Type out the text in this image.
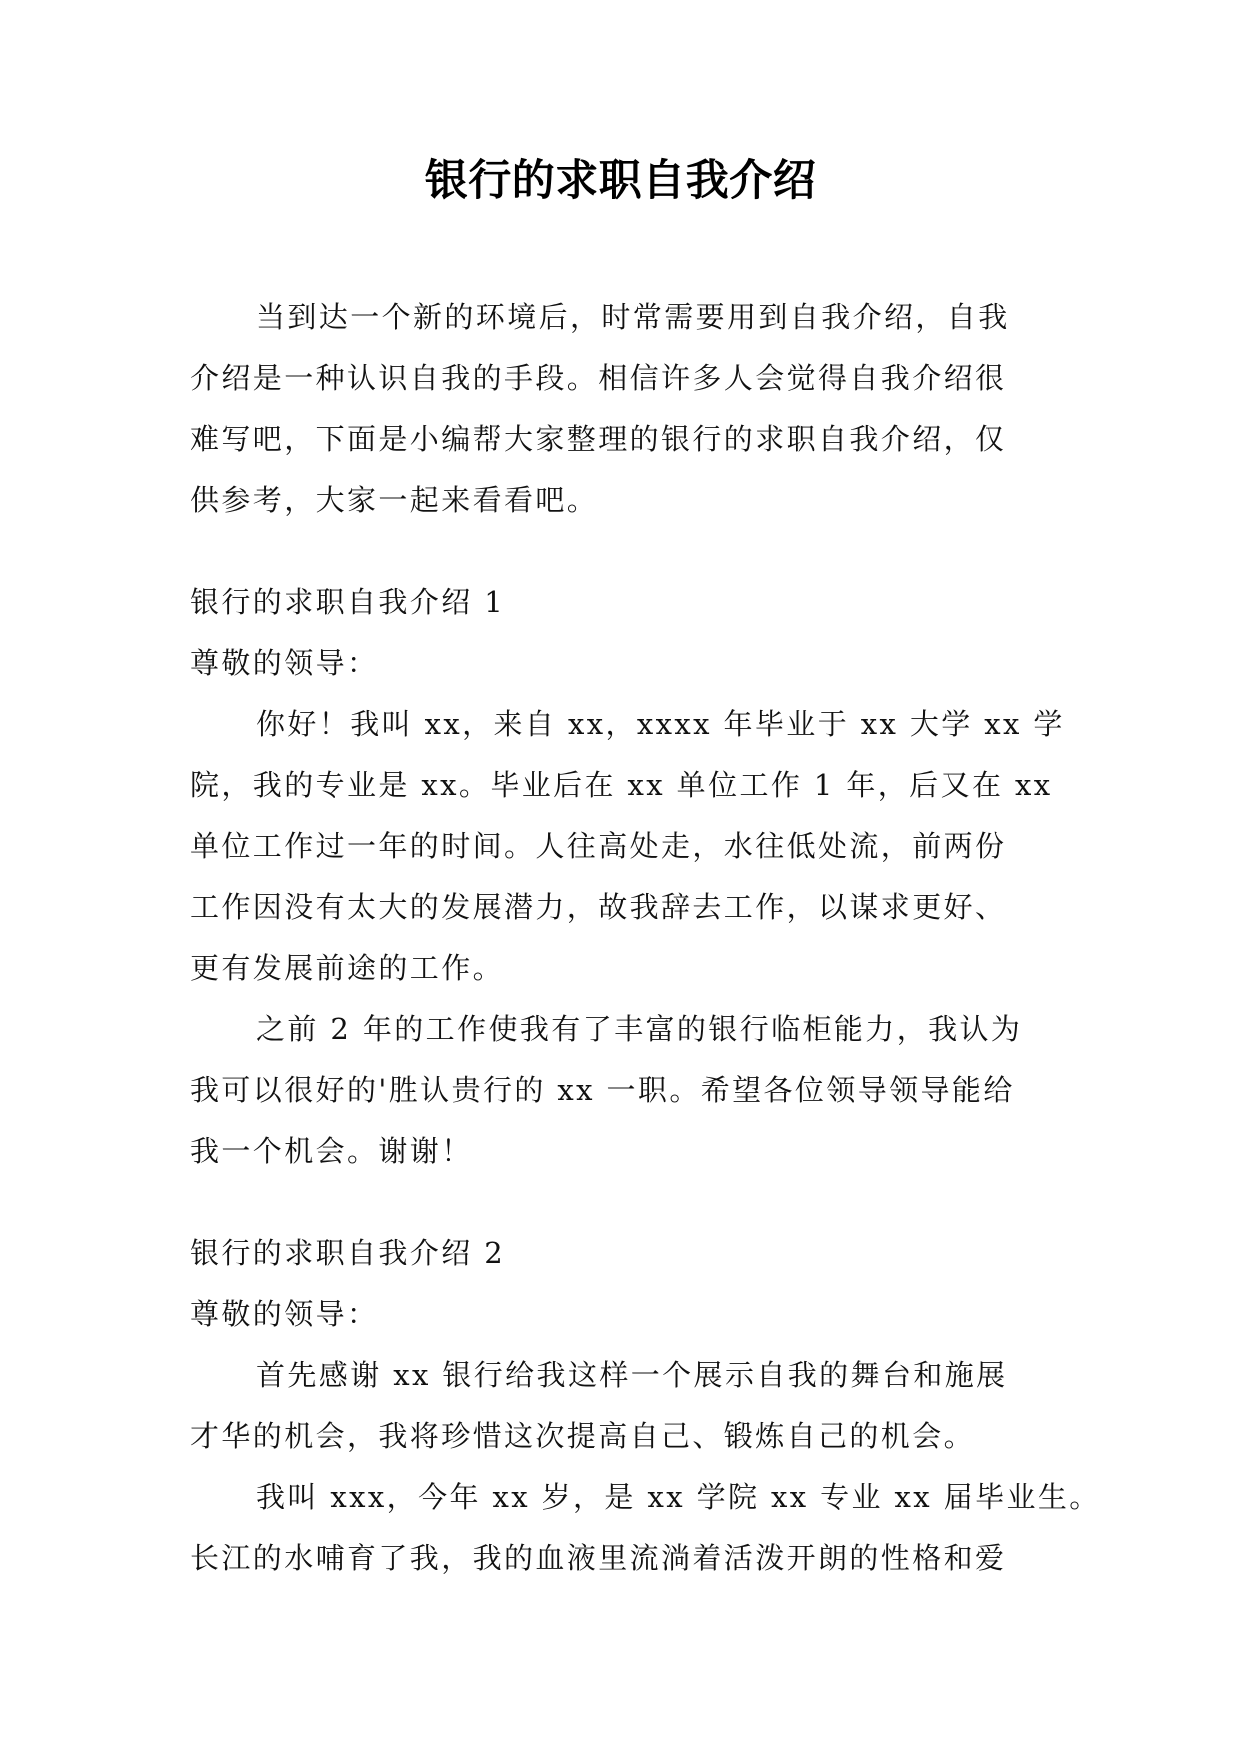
银行的求职自我介绍
当到达一个新的环境后，时常需要用到自我介绍，自我
介绍是一种认识自我的手段。相信许多人会觉得自我介绍很
难写吧，下面是小编帮大家整理的银行的求职自我介绍，仅
供参考，大家一起来看看吧。
银行的求职自我介绍 1
尊敬的领导：
你好！我叫 xx，来自 xx，xxxx 年毕业于 xx 大学 xx 学
院，我的专业是 xx。毕业后在 xx 单位工作 1 年，后又在 xx
单位工作过一年的时间。人往高处走，水往低处流，前两份
工作因没有太大的发展潜力，故我辞去工作，以谋求更好、
更有发展前途的工作。
之前 2 年的工作使我有了丰富的银行临柜能力，我认为
我可以很好的'胜认贵行的 xx 一职。希望各位领导领导能给
我一个机会。谢谢！
银行的求职自我介绍 2
尊敬的领导：
首先感谢 xx 银行给我这样一个展示自我的舞台和施展
才华的机会，我将珍惜这次提高自己、锻炼自己的机会。
我叫 xxx，今年 xx 岁，是 xx 学院 xx 专业 xx 届毕业生。
长江的水哺育了我，我的血液里流淌着活泼开朗的性格和爱
